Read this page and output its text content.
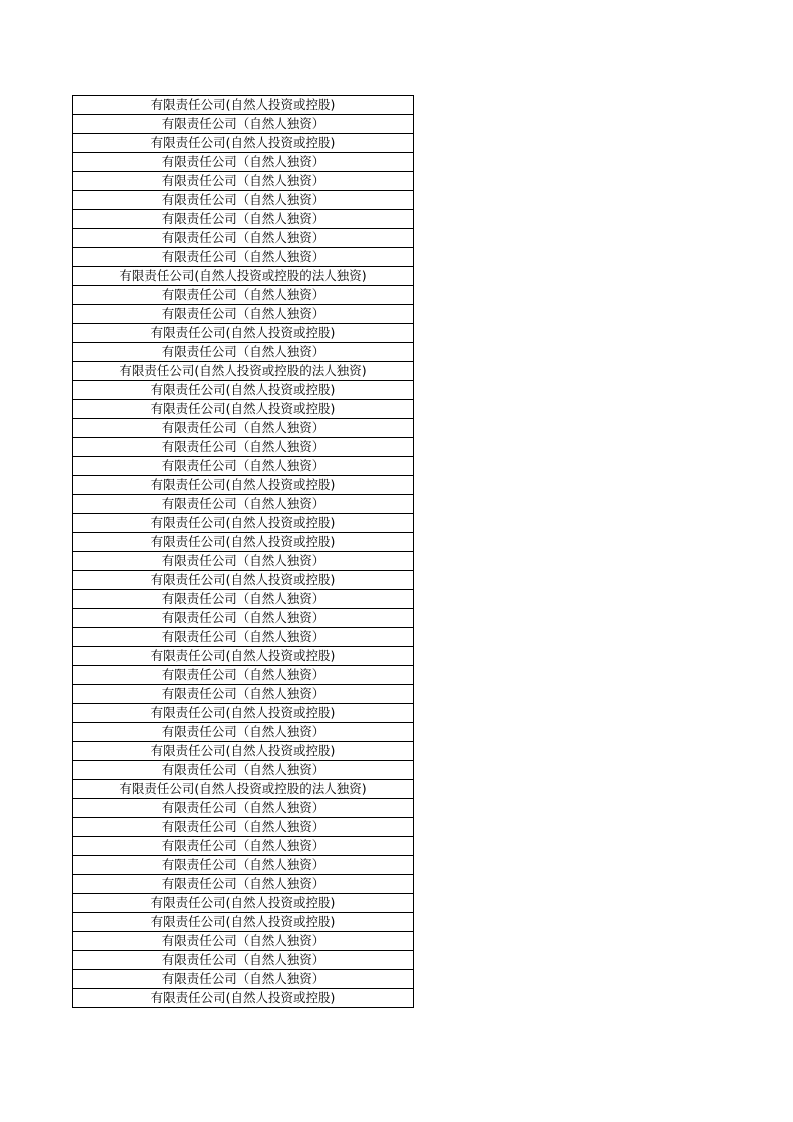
有限责任公司(自然人投资或控股)
有限责任公司（自然人独资）
有限责任公司(自然人投资或控股)
有限责任公司（自然人独资）
有限责任公司（自然人独资）
有限责任公司（自然人独资）
有限责任公司（自然人独资）
有限责任公司（自然人独资）
有限责任公司（自然人独资）
有限责任公司(自然人投资或控股的法人独资)
有限责任公司（自然人独资）
有限责任公司（自然人独资）
有限责任公司(自然人投资或控股)
有限责任公司（自然人独资）
有限责任公司(自然人投资或控股的法人独资)
有限责任公司(自然人投资或控股)
有限责任公司(自然人投资或控股)
有限责任公司（自然人独资）
有限责任公司（自然人独资）
有限责任公司（自然人独资）
有限责任公司(自然人投资或控股)
有限责任公司（自然人独资）
有限责任公司(自然人投资或控股)
有限责任公司(自然人投资或控股)
有限责任公司（自然人独资）
有限责任公司(自然人投资或控股)
有限责任公司（自然人独资）
有限责任公司（自然人独资）
有限责任公司（自然人独资）
有限责任公司(自然人投资或控股)
有限责任公司（自然人独资）
有限责任公司（自然人独资）
有限责任公司(自然人投资或控股)
有限责任公司（自然人独资）
有限责任公司(自然人投资或控股)
有限责任公司（自然人独资）
有限责任公司(自然人投资或控股的法人独资)
有限责任公司（自然人独资）
有限责任公司（自然人独资）
有限责任公司（自然人独资）
有限责任公司（自然人独资）
有限责任公司（自然人独资）
有限责任公司(自然人投资或控股)
有限责任公司(自然人投资或控股)
有限责任公司（自然人独资）
有限责任公司（自然人独资）
有限责任公司（自然人独资）
有限责任公司(自然人投资或控股)
